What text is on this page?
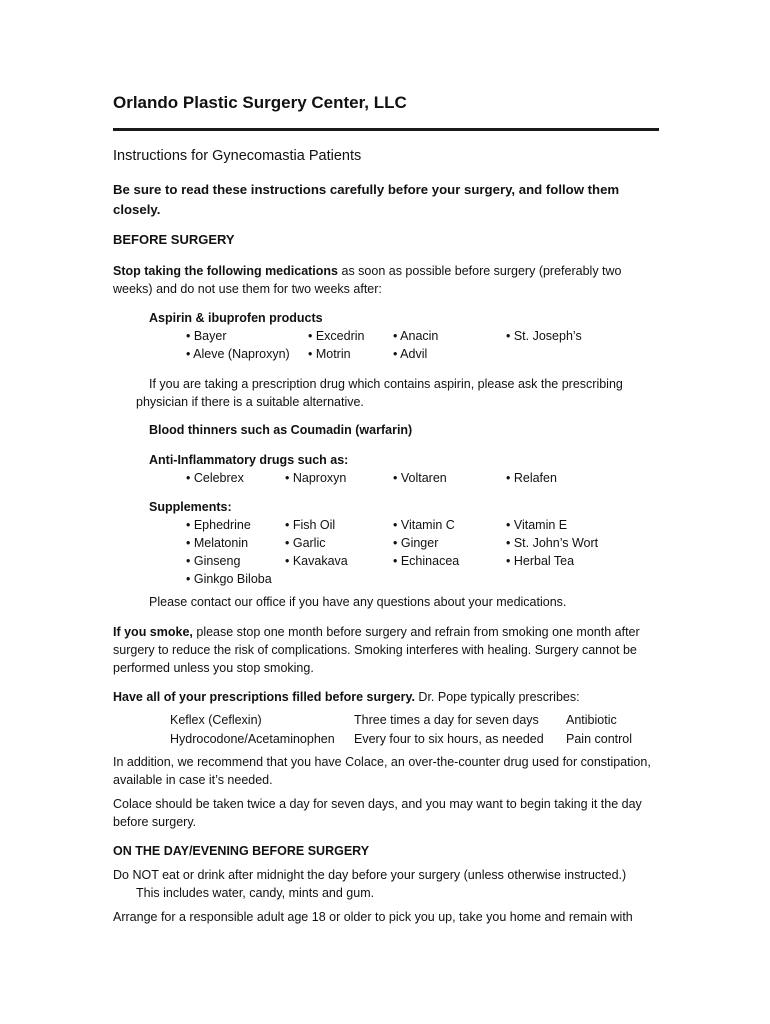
Orlando Plastic Surgery Center, LLC
Instructions for Gynecomastia Patients
Be sure to read these instructions carefully before your surgery, and follow them
closely.
BEFORE SURGERY
Stop taking the following medications as soon as possible before surgery (preferably two
weeks) and do not use them for two weeks after:
Aspirin & ibuprofen products
• Bayer	• Excedrin • Anacin	• St. Joseph’s
• Aleve (Naproxyn) • Motrin	• Advil
If you are taking a prescription drug which contains aspirin, please ask the prescribing
physician if there is a suitable alternative.
Blood thinners such as Coumadin (warfarin)
Anti-Inflammatory drugs such as:
• Celebrex	• Naproxyn	• Voltaren	• Relafen
Supplements:
• Ephedrine	• Fish Oil	• Vitamin C	• Vitamin E
• Melatonin	• Garlic	• Ginger	• St. John’s Wort
• Ginseng	• Kavakava	• Echinacea	• Herbal Tea
• Ginkgo Biloba
Please contact our office if you have any questions about your medications.
If you smoke, please stop one month before surgery and refrain from smoking one month after
surgery to reduce the risk of complications. Smoking interferes with healing. Surgery cannot be
performed unless you stop smoking.
Have all of your prescriptions filled before surgery. Dr. Pope typically prescribes:
Keflex (Ceflexin)	Three times a day for seven days Antibiotic
Hydrocodone/Acetaminophen Every four to six hours, as needed Pain control
In addition, we recommend that you have Colace, an over-the-counter drug used for constipation,
available in case it’s needed.
Colace should be taken twice a day for seven days, and you may want to begin taking it the day
before surgery.
ON THE DAY/EVENING BEFORE SURGERY
Do NOT eat or drink after midnight the day before your surgery (unless otherwise instructed.)
This includes water, candy, mints and gum.
Arrange for a responsible adult age 18 or older to pick you up, take you home and remain with
